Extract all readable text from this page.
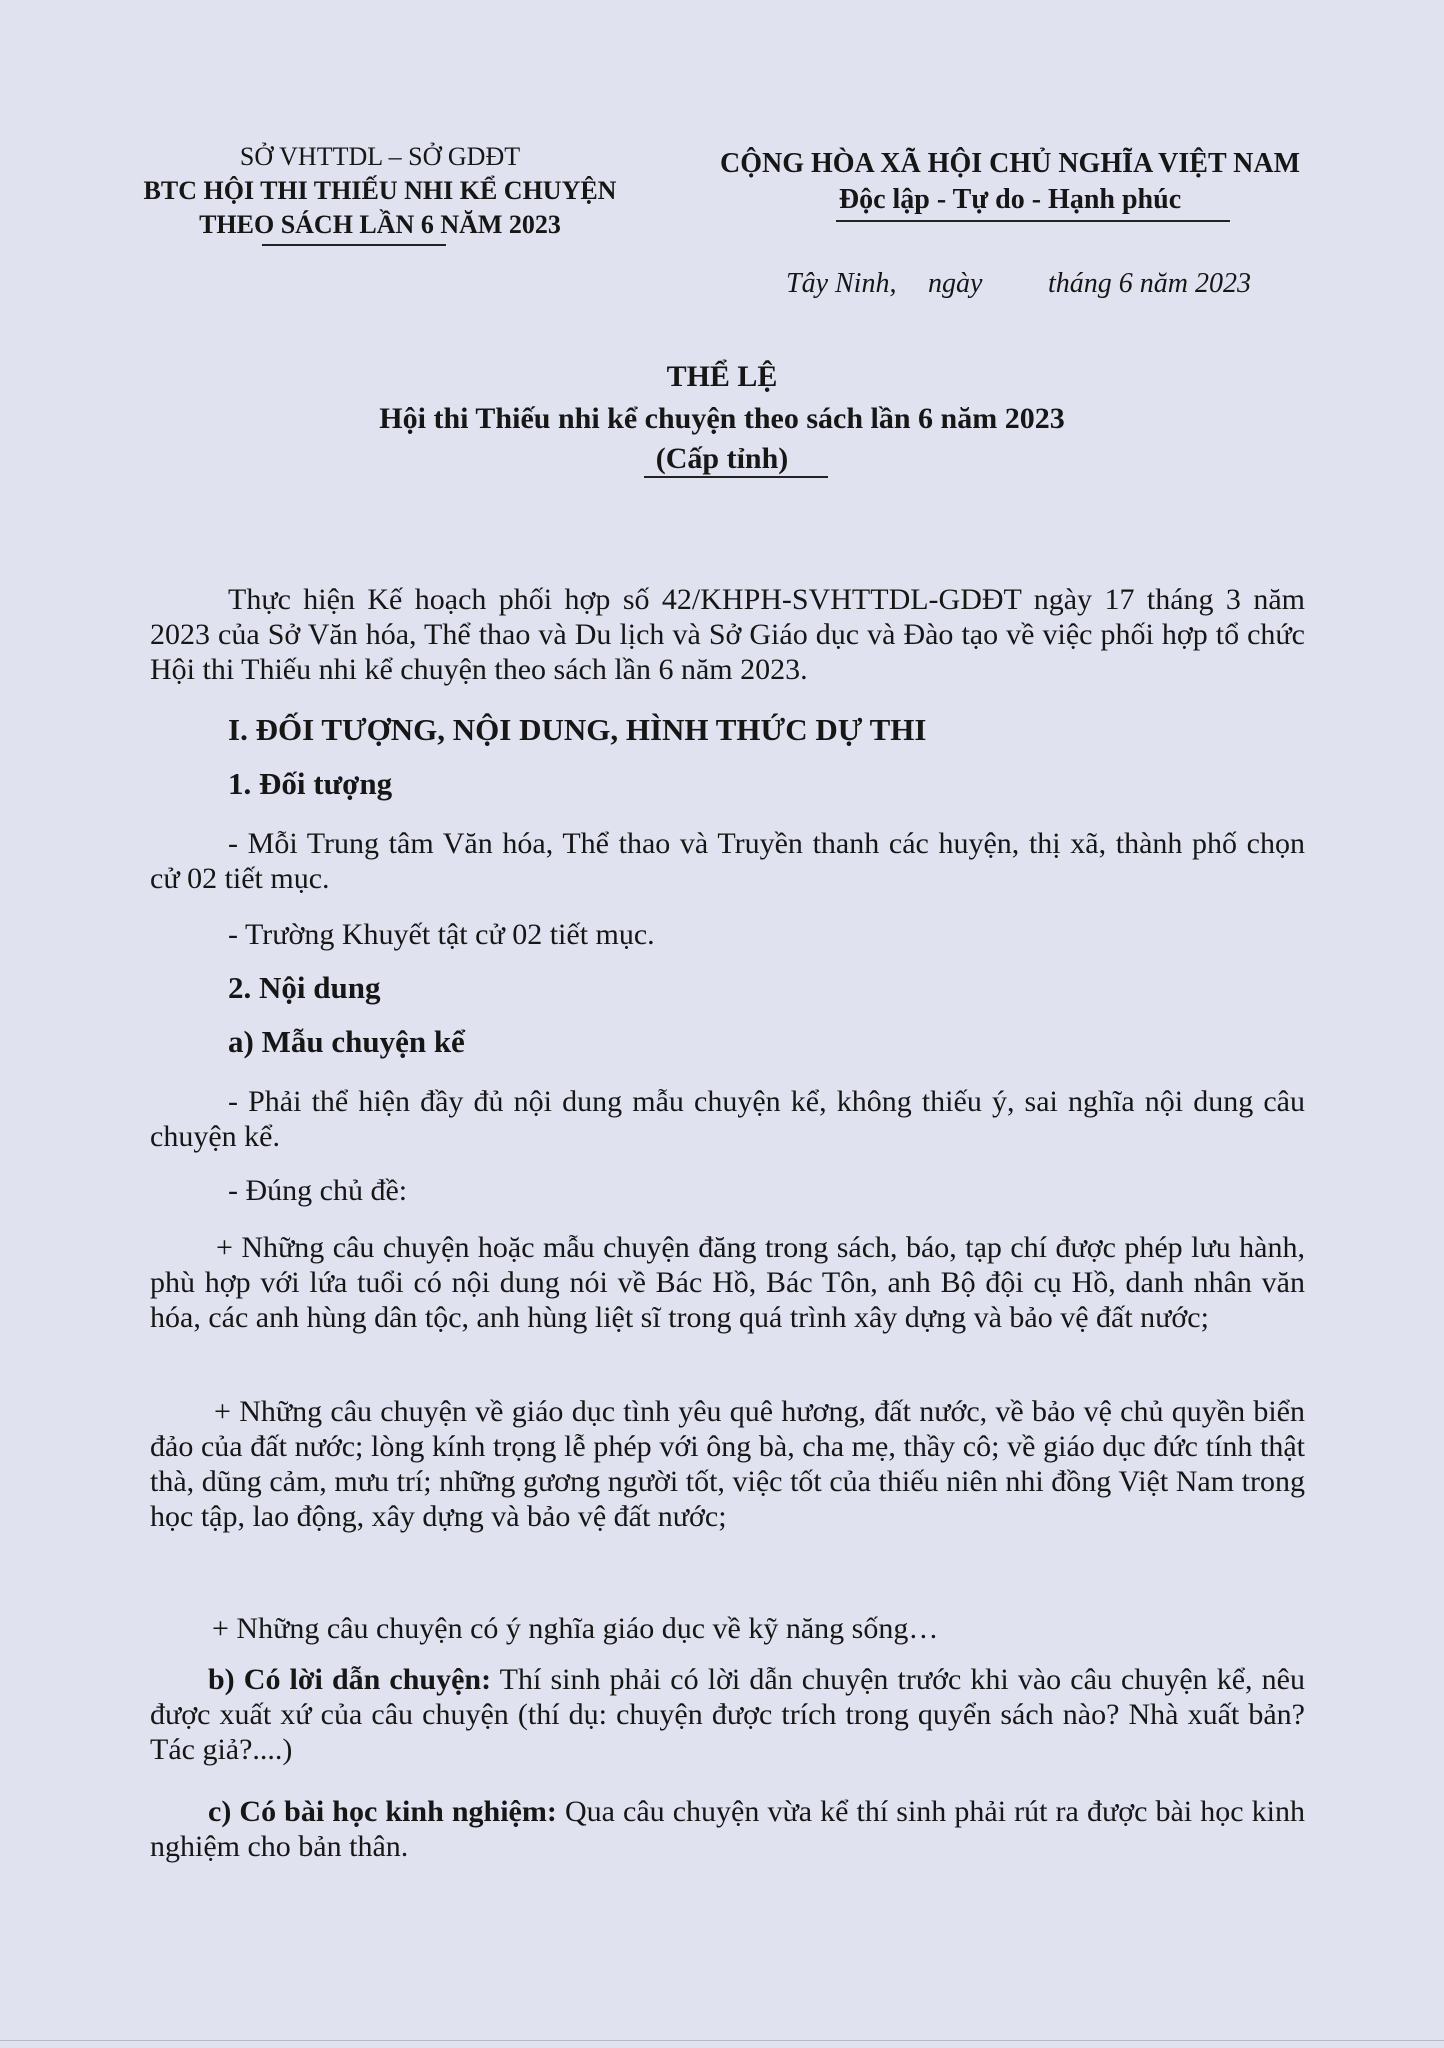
SỞ VHTTDL – SỞ GDĐT
BTC HỘI THI THIẾU NHI KỂ CHUYỆN
THEO SÁCH LẦN 6 NĂM 2023
CỘNG HÒA XÃ HỘI CHỦ NGHĨA VIỆT NAM
Độc lập - Tự do - Hạnh phúc
Tây Ninh, ngày tháng 6 năm 2023
THỂ LỆ
Hội thi Thiếu nhi kể chuyện theo sách lần 6 năm 2023
(Cấp tỉnh)
Thực hiện Kế hoạch phối hợp số 42/KHPH-SVHTTDL-GDĐT ngày 17 tháng 3 năm 2023 của Sở Văn hóa, Thể thao và Du lịch và Sở Giáo dục và Đào tạo về việc phối hợp tổ chức Hội thi Thiếu nhi kể chuyện theo sách lần 6 năm 2023.
I. ĐỐI TƯỢNG, NỘI DUNG, HÌNH THỨC DỰ THI
1. Đối tượng
- Mỗi Trung tâm Văn hóa, Thể thao và Truyền thanh các huyện, thị xã, thành phố chọn cử 02 tiết mục.
- Trường Khuyết tật cử 02 tiết mục.
2. Nội dung
a) Mẫu chuyện kể
- Phải thể hiện đầy đủ nội dung mẫu chuyện kể, không thiếu ý, sai nghĩa nội dung câu chuyện kể.
- Đúng chủ đề:
+ Những câu chuyện hoặc mẫu chuyện đăng trong sách, báo, tạp chí được phép lưu hành, phù hợp với lứa tuổi có nội dung nói về Bác Hồ, Bác Tôn, anh Bộ đội cụ Hồ, danh nhân văn hóa, các anh hùng dân tộc, anh hùng liệt sĩ trong quá trình xây dựng và bảo vệ đất nước;
+ Những câu chuyện về giáo dục tình yêu quê hương, đất nước, về bảo vệ chủ quyền biển đảo của đất nước; lòng kính trọng lễ phép với ông bà, cha mẹ, thầy cô; về giáo dục đức tính thật thà, dũng cảm, mưu trí; những gương người tốt, việc tốt của thiếu niên nhi đồng Việt Nam trong học tập, lao động, xây dựng và bảo vệ đất nước;
+ Những câu chuyện có ý nghĩa giáo dục về kỹ năng sống…
b) Có lời dẫn chuyện: Thí sinh phải có lời dẫn chuyện trước khi vào câu chuyện kể, nêu được xuất xứ của câu chuyện (thí dụ: chuyện được trích trong quyển sách nào? Nhà xuất bản? Tác giả?....)
c) Có bài học kinh nghiệm: Qua câu chuyện vừa kể thí sinh phải rút ra được bài học kinh nghiệm cho bản thân.
